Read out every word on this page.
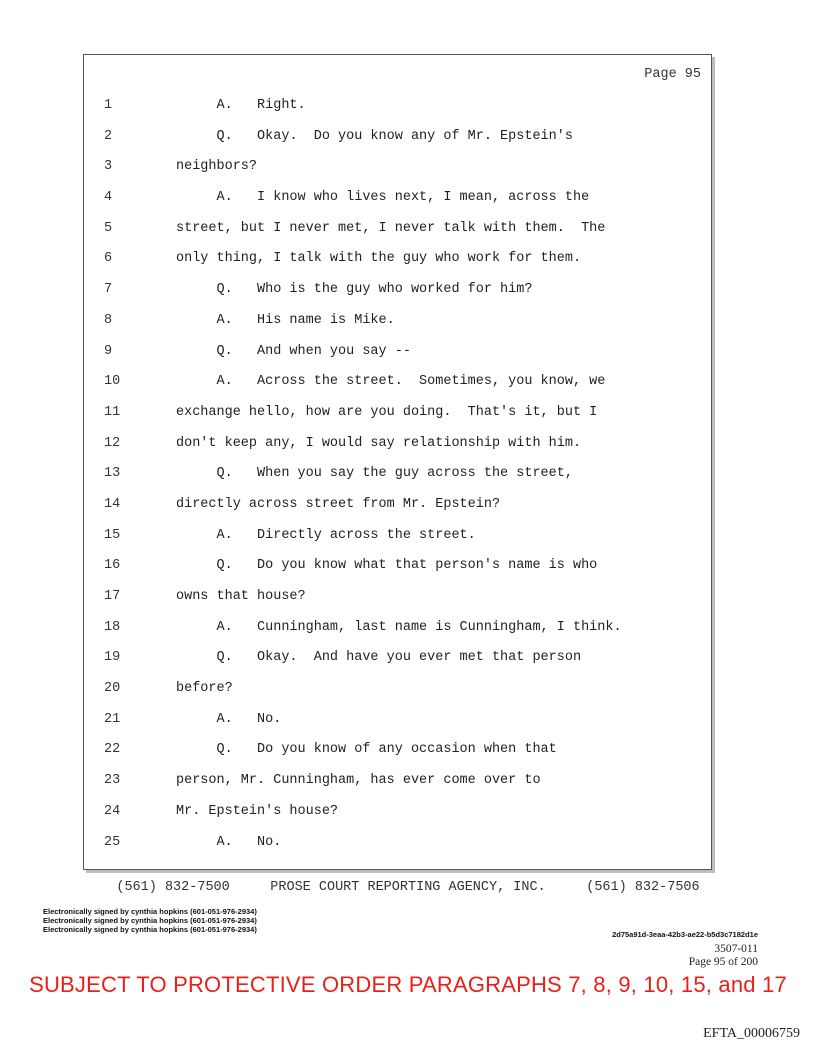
Page 95
1	A.   Right.
2	Q.   Okay.  Do you know any of Mr. Epstein's
3	neighbors?
4	A.   I know who lives next, I mean, across the
5	street, but I never met, I never talk with them.  The
6	only thing, I talk with the guy who work for them.
7	Q.   Who is the guy who worked for him?
8	A.   His name is Mike.
9	Q.   And when you say --
10	A.   Across the street.  Sometimes, you know, we
11	exchange hello, how are you doing.  That's it, but I
12	don't keep any, I would say relationship with him.
13	Q.   When you say the guy across the street,
14	directly across street from Mr. Epstein?
15	A.   Directly across the street.
16	Q.   Do you know what that person's name is who
17	owns that house?
18	A.   Cunningham, last name is Cunningham, I think.
19	Q.   Okay.  And have you ever met that person
20	before?
21	A.   No.
22	Q.   Do you know of any occasion when that
23	person, Mr. Cunningham, has ever come over to
24	Mr. Epstein's house?
25	A.   No.
(561) 832-7500     PROSE COURT REPORTING AGENCY, INC.     (561) 832-7506
Electronically signed by cynthia hopkins (601-051-976-2934)
Electronically signed by cynthia hopkins (601-051-976-2934)
Electronically signed by cynthia hopkins (601-051-976-2934)
2d75a91d-3eaa-42b3-ae22-b5d3c7182d1e
3507-011
Page 95 of 200
SUBJECT TO PROTECTIVE ORDER PARAGRAPHS 7, 8, 9, 10, 15, and 17
EFTA_00006759
